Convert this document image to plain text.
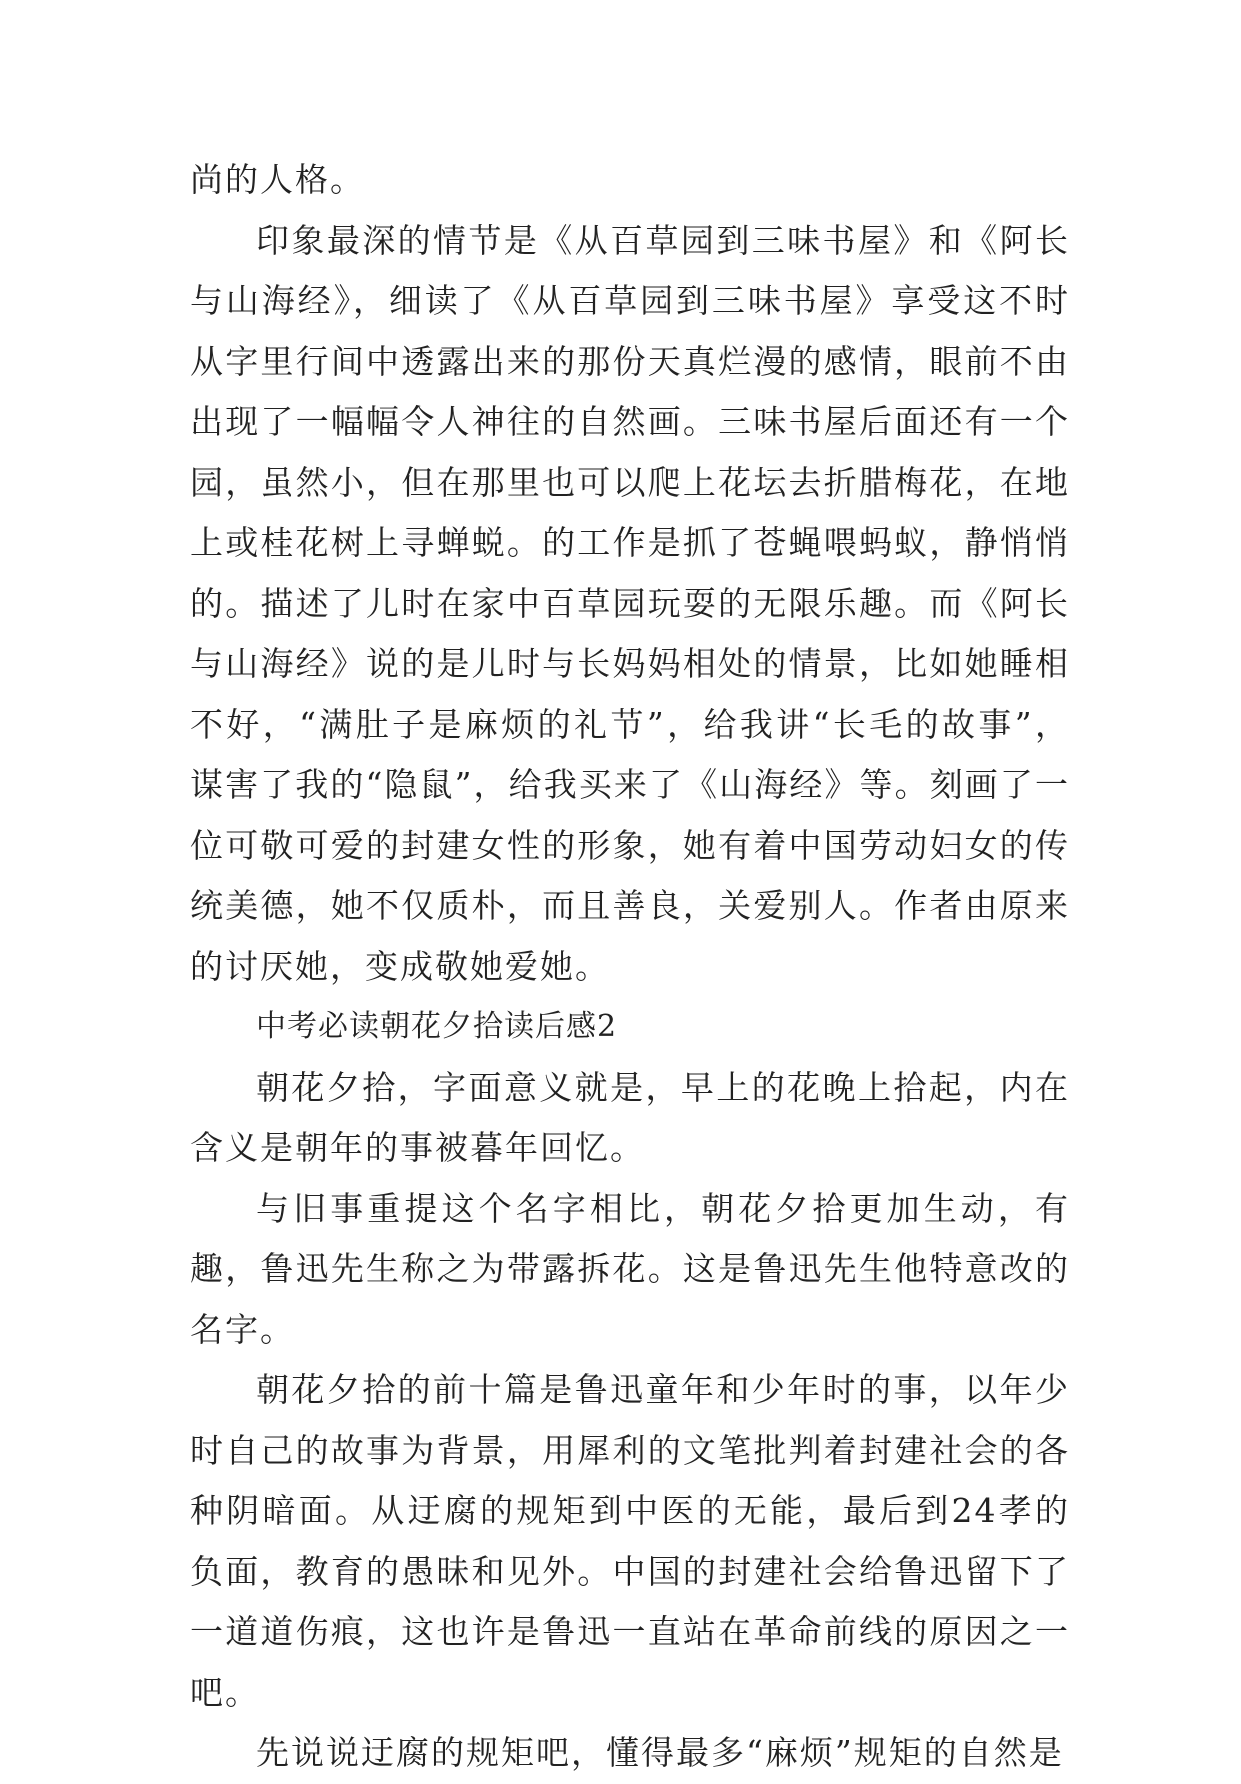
尚的人格。

印象最深的情节是《从百草园到三味书屋》和《阿长与山海经》，细读了《从百草园到三味书屋》享受这不时从字里行间中透露出来的那份天真烂漫的感情，眼前不由出现了一幅幅令人神往的自然画。三味书屋后面还有一个园，虽然小，但在那里也可以爬上花坛去折腊梅花，在地上或桂花树上寻蝉蜕。的工作是抓了苍蝇喂蚂蚁，静悄悄的。描述了儿时在家中百草园玩耍的无限乐趣。而《阿长与山海经》说的是儿时与长妈妈相处的情景，比如她睡相不好，“满肚子是麻烦的礼节”，给我讲“长毛的故事”，谋害了我的“隐鼠”，给我买来了《山海经》等。刻画了一位可敬可爱的封建女性的形象，她有着中国劳动妇女的传统美德，她不仅质朴，而且善良，关爱别人。作者由原来的讨厌她，变成敬她爱她。

中考必读朝花夕拾读后感2

朝花夕拾，字面意义就是，早上的花晚上拾起，内在含义是朝年的事被暮年回忆。

与旧事重提这个名字相比，朝花夕拾更加生动，有趣，鲁迅先生称之为带露拆花。这是鲁迅先生他特意改的名字。

朝花夕拾的前十篇是鲁迅童年和少年时的事，以年少时自己的故事为背景，用犀利的文笔批判着封建社会的各种阴暗面。从迂腐的规矩到中医的无能，最后到24孝的负面，教育的愚昧和见外。中国的封建社会给鲁迅留下了一道道伤痕，这也许是鲁迅一直站在革命前线的原因之一吧。

先说说迂腐的规矩吧，懂得最多“麻烦”规矩的自然是
